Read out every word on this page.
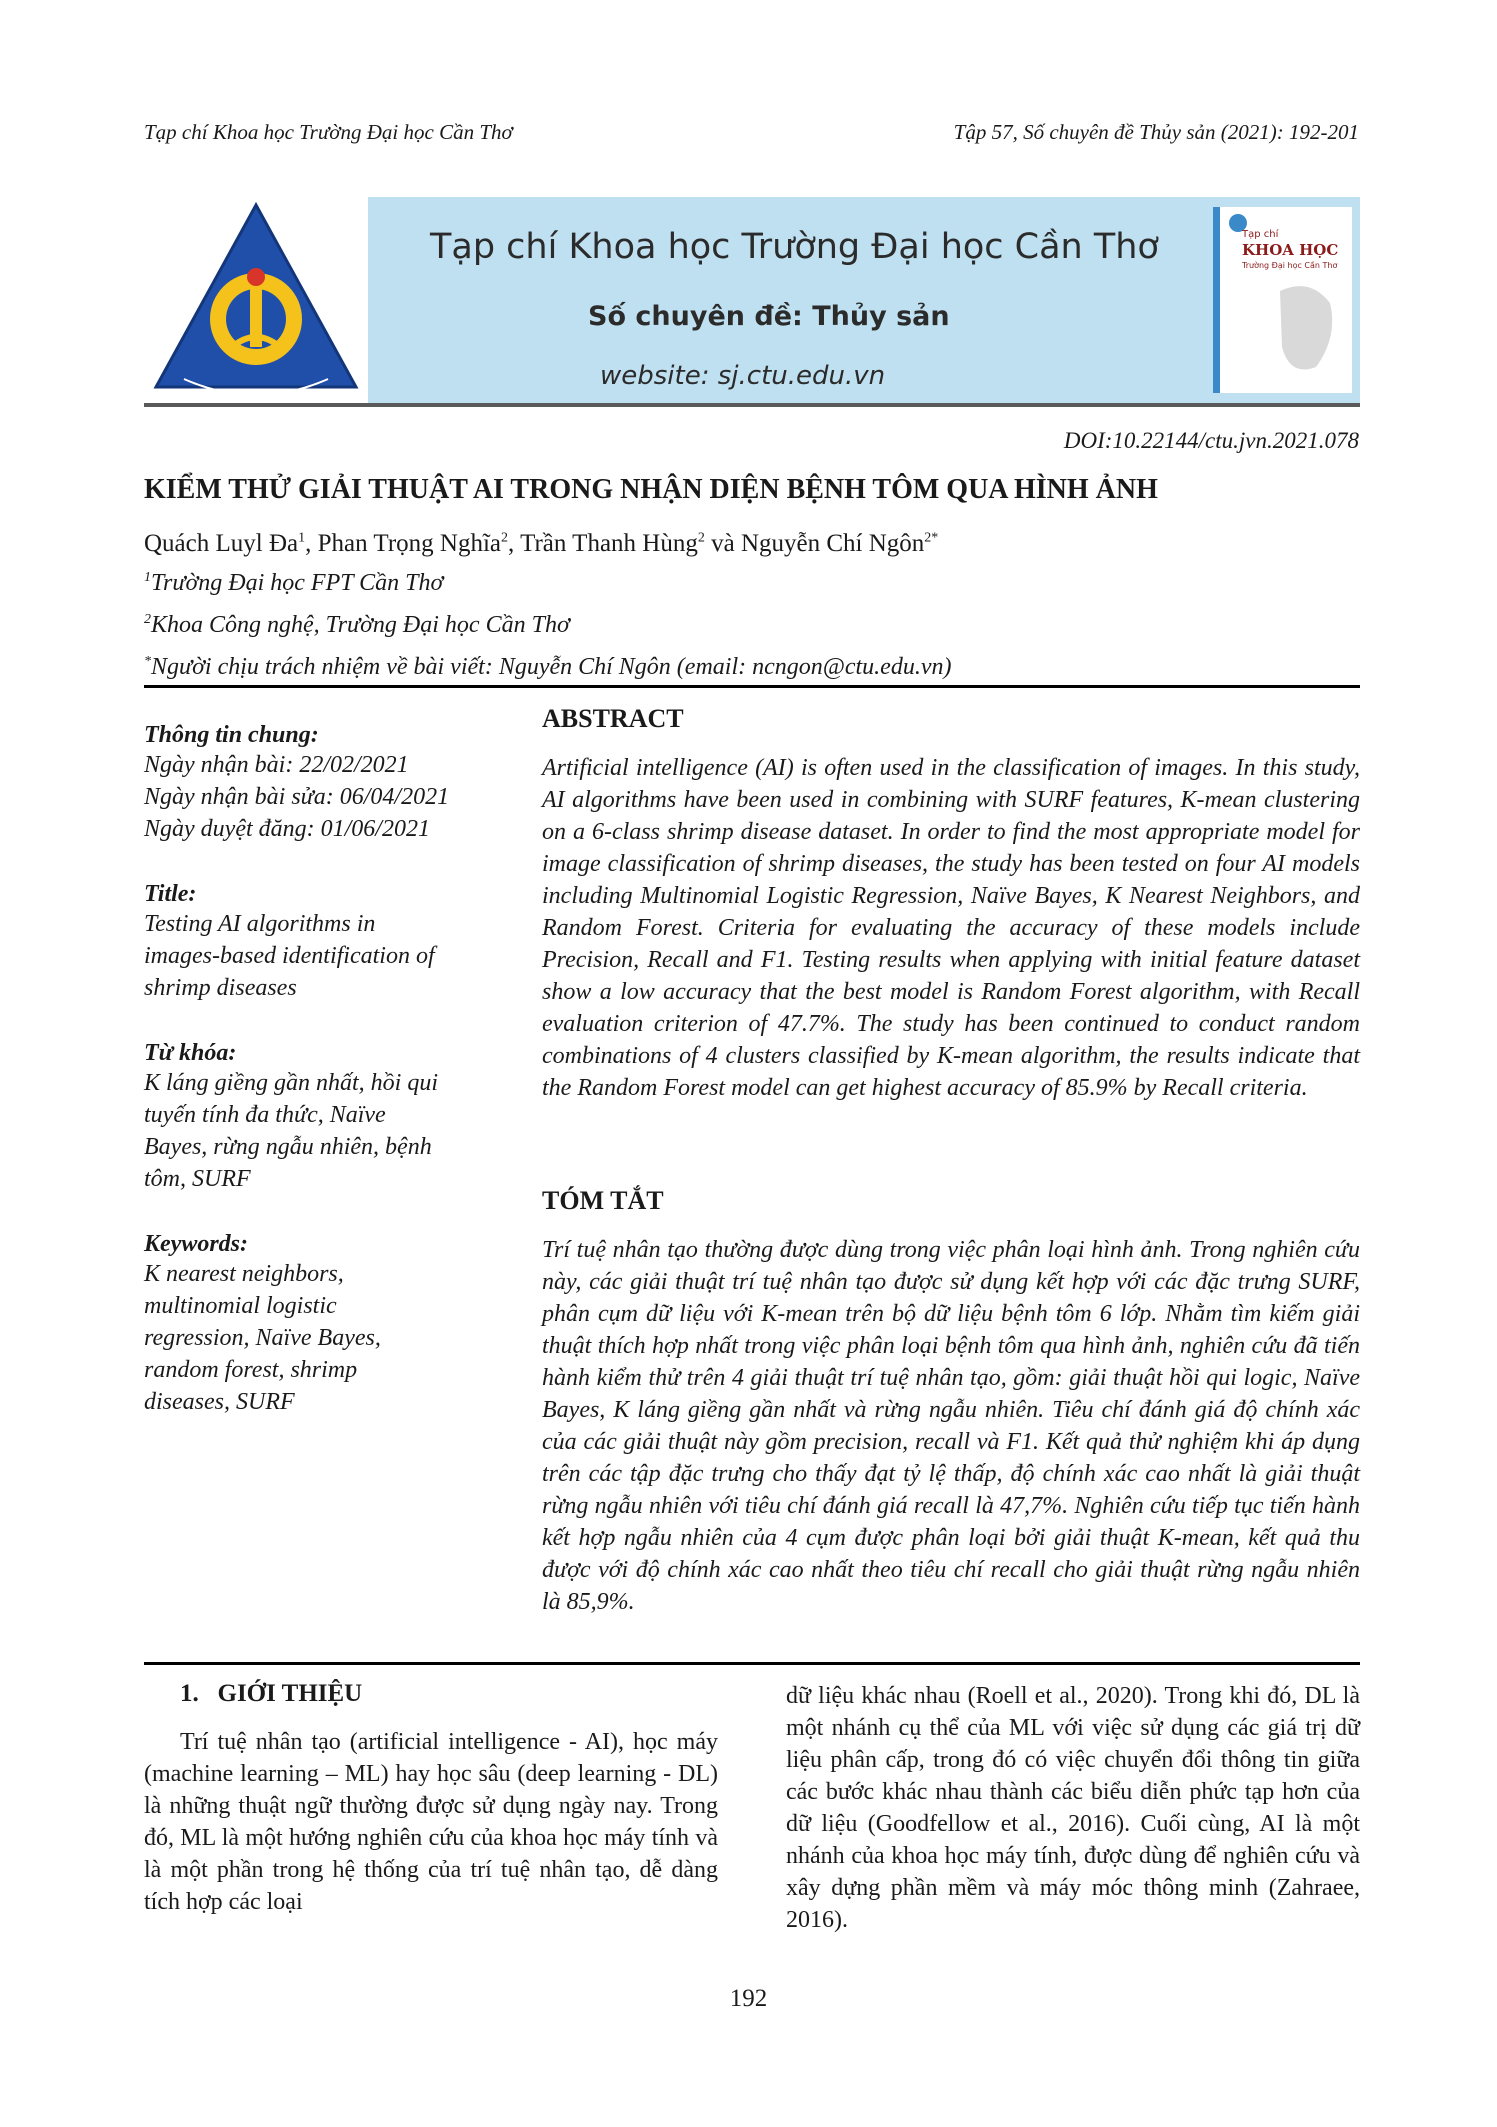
Tạp chí Khoa học Trường Đại học Cần Thơ	Tập 57, Số chuyên đề Thủy sản (2021): 192-201
Tạp chí Khoa học Trường Đại học Cần Thơ
Số chuyên đề: Thủy sản
website: sj.ctu.edu.vn
Tạp chí
KHOA HỌC
Trường Đại học Cần Thơ
DOI:10.22144/ctu.jvn.2021.078
KIỂM THỬ GIẢI THUẬT AI TRONG NHẬN DIỆN BỆNH TÔM QUA HÌNH ẢNH
Quách Luyl $Đa^1$, Phan Trọng Nghĩa$^2$, Trần Thanh Hùng$^2$ và Nguyễn Chí Ngôn$^{2*}$
$^1$Trường Đại học FPT Cần Thơ
$^2$Khoa Công nghệ, Trường Đại học Cần Thơ
*Người chịu trách nhiệm về bài viết: Nguyễn Chí Ngôn (email: ncngon@ctu.edu.vn)

Thông tin chung:

Ngày nhận bài: 22/02/2021

Ngày nhận bài sửa: 06/04/2021

Ngày duyệt đăng: 01/06/2021

Title:

Testing AI algorithms in

images-based identification of

shrimp diseases

Từ khóa:

K láng giềng gần nhất, hồi qui

tuyến tính đa thức, Naïve

Bayes, rừng ngẫu nhiên, bệnh

tôm, SURF

Keywords:

K nearest neighbors,

multinomial logistic

regression, Naïve Bayes,

random forest, shrimp

diseases, SURF

ABSTRACT

Artificial intelligence (AI) is often used in the classification of images. In this study, AI algorithms have been used in combining with SURF features, K-mean clustering on a 6-class shrimp disease dataset. In order to find the most appropriate model for image classification of shrimp diseases, the study has been tested on four AI models including Multinomial Logistic Regression, Naïve Bayes, K Nearest Neighbors, and Random Forest. Criteria for evaluating the accuracy of these models include Precision, Recall and F1. Testing results when applying with initial feature dataset show a low accuracy that the best model is Random Forest algorithm, with Recall evaluation criterion of 47.7%. The study has been continued to conduct random combinations of 4 clusters classified by K-mean algorithm, the results indicate that the Random Forest model can get highest accuracy of 85.9% by Recall criteria.

TÓM TẮT

Trí tuệ nhân tạo thường được dùng trong việc phân loại hình ảnh. Trong nghiên cứu này, các giải thuật trí tuệ nhân tạo được sử dụng kết hợp với các đặc trưng SURF, phân cụm dữ liệu với K-mean trên bộ dữ liệu bệnh tôm 6 lớp. Nhằm tìm kiếm giải thuật thích hợp nhất trong việc phân loại bệnh tôm qua hình ảnh, nghiên cứu đã tiến hành kiểm thử trên 4 giải thuật trí tuệ nhân tạo, gồm: giải thuật hồi qui logic, Naïve Bayes, K láng giềng gần nhất và rừng ngẫu nhiên. Tiêu chí đánh giá độ chính xác của các giải thuật này gồm precision, recall và F1. Kết quả thử nghiệm khi áp dụng trên các tập đặc trưng cho thấy đạt tỷ lệ thấp, độ chính xác cao nhất là giải thuật rừng ngẫu nhiên với tiêu chí đánh giá recall là 47,7%. Nghiên cứu tiếp tục tiến hành kết hợp ngẫu nhiên của 4 cụm được phân loại bởi giải thuật K-mean, kết quả thu được với độ chính xác cao nhất theo tiêu chí recall cho giải thuật rừng ngẫu nhiên là 85,9%.

1.   GIỚI THIỆU

Trí tuệ nhân tạo (artificial intelligence - AI), học máy (machine learning – ML) hay học sâu (deep learning - DL) là những thuật ngữ thường được sử dụng ngày nay. Trong đó, ML là một hướng nghiên cứu của khoa học máy tính và là một phần trong hệ thống của trí tuệ nhân tạo, dễ dàng tích hợp các loại

dữ liệu khác nhau (Roell et al., 2020). Trong khi đó, DL là một nhánh cụ thể của ML với việc sử dụng các giá trị dữ liệu phân cấp, trong đó có việc chuyển đổi thông tin giữa các bước khác nhau thành các biểu diễn phức tạp hơn của dữ liệu (Goodfellow et al., 2016). Cuối cùng, AI là một nhánh của khoa học máy tính, được dùng để nghiên cứu và xây dựng phần mềm và máy móc thông minh (Zahraee, 2016).

192
